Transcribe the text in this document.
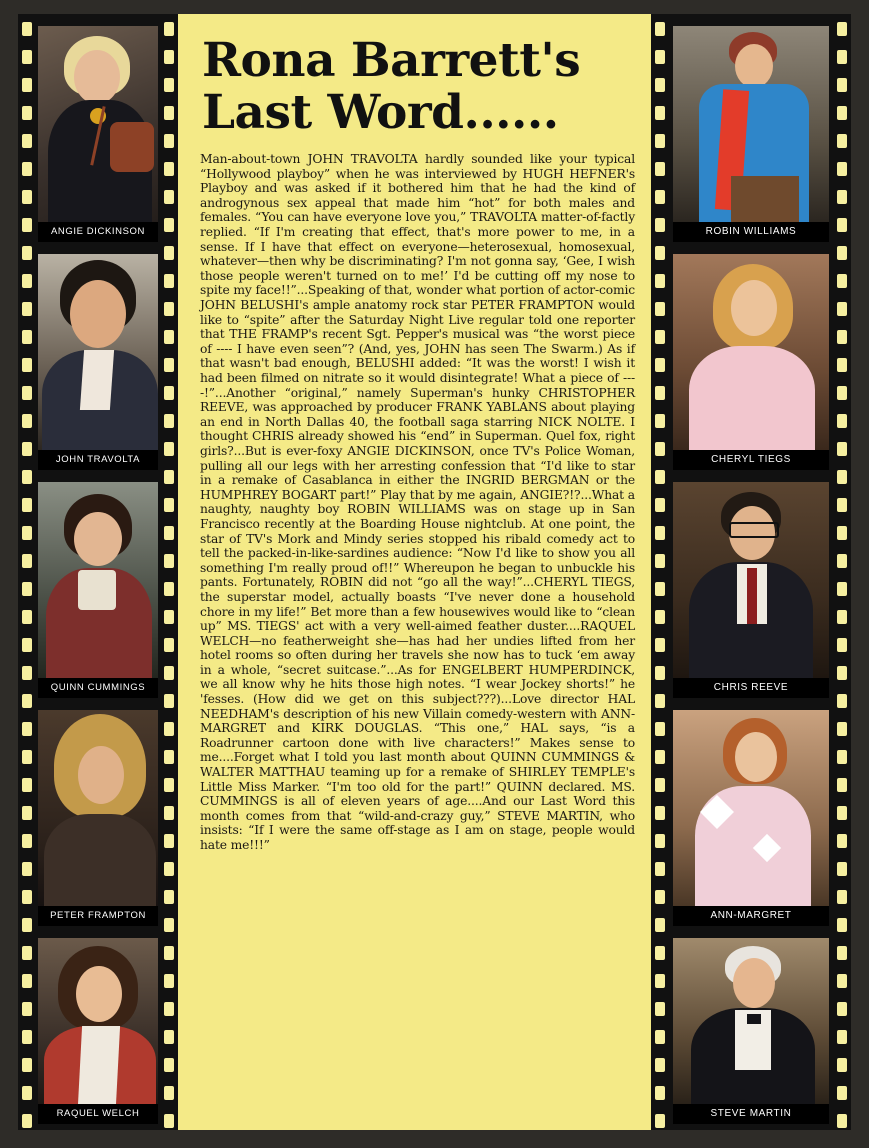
ANGIE DICKINSON
JOHN TRAVOLTA
QUINN CUMMINGS
PETER FRAMPTON
RAQUEL WELCH
Rona Barrett's
Last Word......
Man-about-town JOHN TRAVOLTA hardly sounded like your typical “Hollywood playboy” when he was interviewed by HUGH HEFNER's Playboy and was asked if it bothered him that he had the kind of androgynous sex appeal that made him “hot” for both males and females. “You can have everyone love you,” TRAVOLTA matter-of-factly replied. “If I'm creating that effect, that's more power to me, in a sense. If I have that effect on everyone—heterosexual, homosexual, whatever—then why be discriminating? I'm not gonna say, ‘Gee, I wish those people weren't turned on to me!’ I'd be cutting off my nose to spite my face!!”...Speaking of that, wonder what portion of actor-comic JOHN BELUSHI's ample anatomy rock star PETER FRAMPTON would like to “spite” after the Saturday Night Live regular told one reporter that THE FRAMP's recent Sgt. Pepper's musical was “the worst piece of ---- I have even seen”? (And, yes, JOHN has seen The Swarm.) As if that wasn't bad enough, BELUSHI added: “It was the worst! I wish it had been filmed on nitrate so it would disintegrate! What a piece of ----!”...Another “original,” namely Superman's hunky CHRISTOPHER REEVE, was approached by producer FRANK YABLANS about playing an end in North Dallas 40, the football saga starring NICK NOLTE. I thought CHRIS already showed his “end” in Superman. Quel fox, right girls?...But is ever-foxy ANGIE DICKINSON, once TV's Police Woman, pulling all our legs with her arresting confession that “I'd like to star in a remake of Casablanca in either the INGRID BERGMAN or the HUMPHREY BOGART part!” Play that by me again, ANGIE?!?...What a naughty, naughty boy ROBIN WILLIAMS was on stage up in San Francisco recently at the Boarding House nightclub. At one point, the star of TV's Mork and Mindy series stopped his ribald comedy act to tell the packed-in-like-sardines audience: “Now I'd like to show you all something I'm really proud of!!” Whereupon he began to unbuckle his pants. Fortunately, ROBIN did not “go all the way!”...CHERYL TIEGS, the superstar model, actually boasts “I've never done a household chore in my life!” Bet more than a few housewives would like to “clean up” MS. TIEGS' act with a very well-aimed feather duster....RAQUEL WELCH—no featherweight she—has had her undies lifted from her hotel rooms so often during her travels she now has to tuck ‘em away in a whole, “secret suitcase.”...As for ENGELBERT HUMPERDINCK, we all know why he hits those high notes. “I wear Jockey shorts!” he 'fesses. (How did we get on this subject???)...Love director HAL NEEDHAM's description of his new Villain comedy-western with ANN-MARGRET and KIRK DOUGLAS. “This one,” HAL says, “is a Roadrunner cartoon done with live characters!” Makes sense to me....Forget what I told you last month about QUINN CUMMINGS & WALTER MATTHAU teaming up for a remake of SHIRLEY TEMPLE's Little Miss Marker. “I'm too old for the part!” QUINN declared. MS. CUMMINGS is all of eleven years of age....And our Last Word this month comes from that “wild-and-crazy guy,” STEVE MARTIN, who insists: “If I were the same off-stage as I am on stage, people would hate me!!!”
ROBIN WILLIAMS
CHERYL TIEGS
CHRIS REEVE
ANN-MARGRET
STEVE MARTIN
